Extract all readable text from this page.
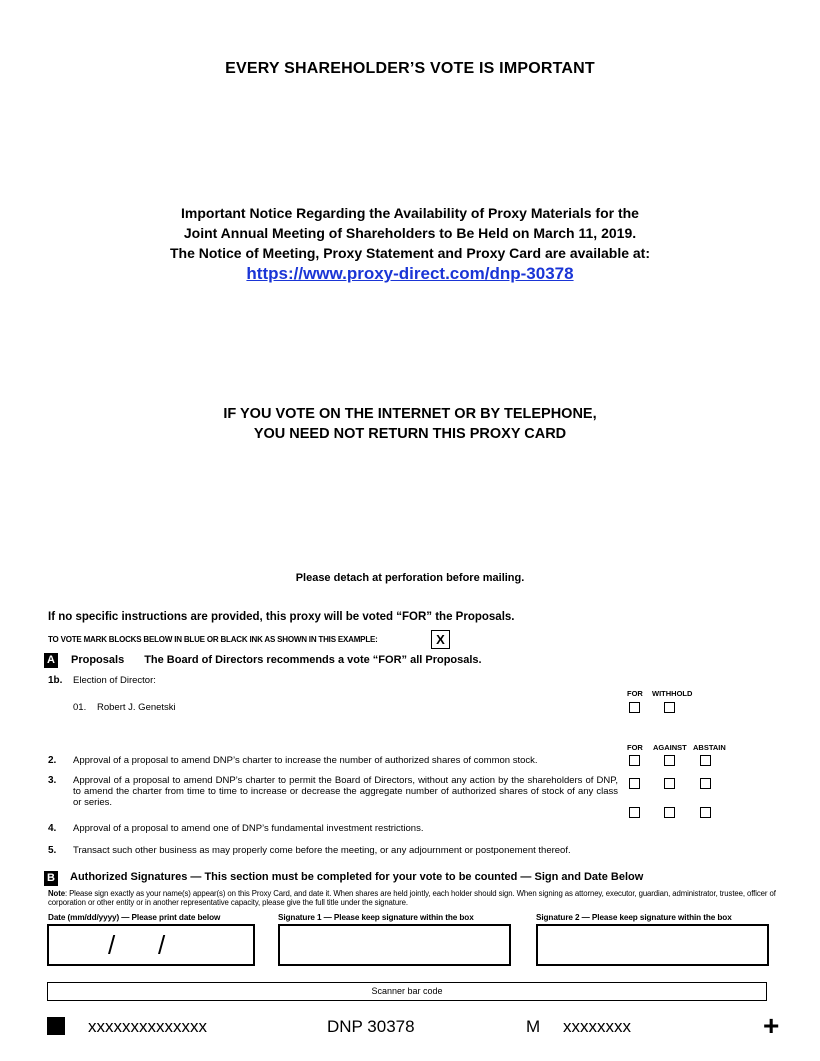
EVERY SHAREHOLDER’S VOTE IS IMPORTANT
Important Notice Regarding the Availability of Proxy Materials for the
Joint Annual Meeting of Shareholders to Be Held on March 11, 2019.
The Notice of Meeting, Proxy Statement and Proxy Card are available at:
https://www.proxy-direct.com/dnp-30378
IF YOU VOTE ON THE INTERNET OR BY TELEPHONE,
YOU NEED NOT RETURN THIS PROXY CARD
Please detach at perforation before mailing.
If no specific instructions are provided, this proxy will be voted “FOR” the Proposals.
TO VOTE MARK BLOCKS BELOW IN BLUE OR BLACK INK AS SHOWN IN THIS EXAMPLE:	X
A Proposals The Board of Directors recommends a vote “FOR” all Proposals.
1b. Election of Director:
FOR WITHHOLD
01. Robert J. Genetski
FOR AGAINST ABSTAIN
2. Approval of a proposal to amend DNP’s charter to increase the number of authorized shares of common stock.
3. Approval of a proposal to amend DNP’s charter to permit the Board of Directors, without any action by the shareholders of DNP, to amend the charter from time to time to increase or decrease the aggregate number of authorized shares of stock of any class or series.
4. Approval of a proposal to amend one of DNP’s fundamental investment restrictions.
5. Transact such other business as may properly come before the meeting, or any adjournment or postponement thereof.
B Authorized Signatures — This section must be completed for your vote to be counted — Sign and Date Below
Note: Please sign exactly as your name(s) appear(s) on this Proxy Card, and date it. When shares are held jointly, each holder should sign. When signing as attorney, executor, guardian, administrator, trustee, officer of corporation or other entity or in another representative capacity, please give the full title under the signature.
Date (mm/dd/yyyy) — Please print date below	Signature 1 — Please keep signature within the box	Signature 2 — Please keep signature within the box
/ /
Scanner bar code
xxxxxxxxxxxxxx	DNP 30378	M xxxxxxxx	+
